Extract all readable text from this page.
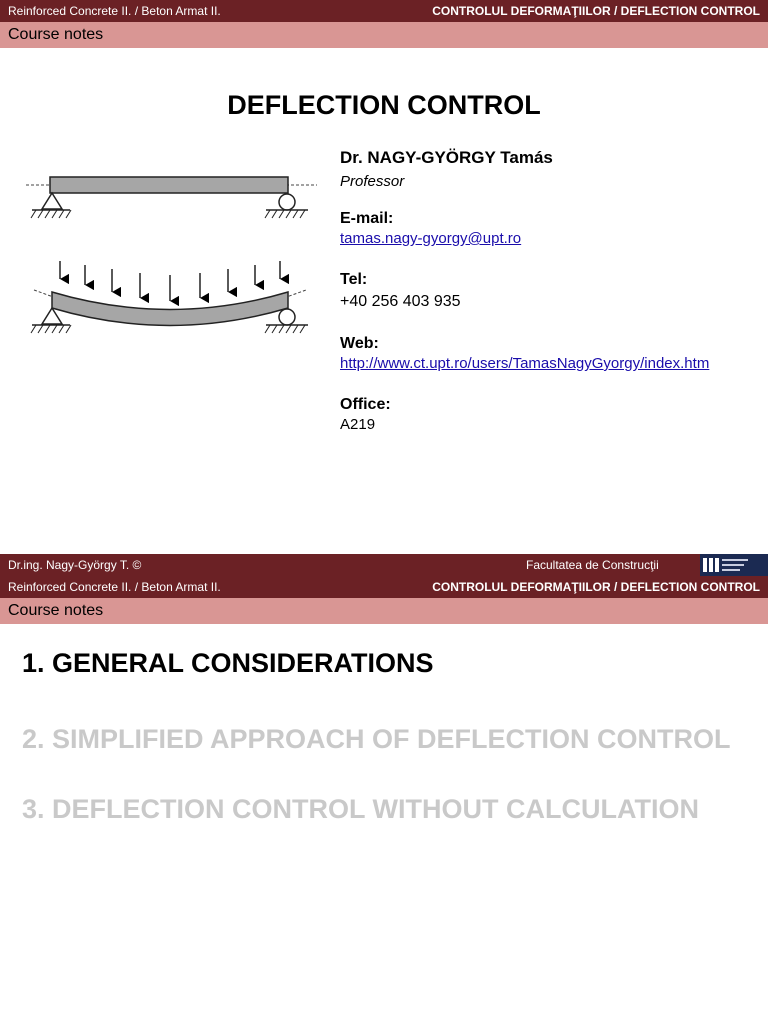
Reinforced Concrete II. / Beton Armat II.	CONTROLUL DEFORMAŢIILOR / DEFLECTION CONTROL
Course notes
DEFLECTION CONTROL
Dr. NAGY-GYÖRGY Tamás
Professor
E-mail:
tamas.nagy-gyorgy@upt.ro
Tel:
+40 256 403 935
Web:
http://www.ct.upt.ro/users/TamasNagyGyorgy/index.htm
Office:
A219
Dr.ing. Nagy-György T. ©	Facultatea de Construcţii
Reinforced Concrete II. / Beton Armat II.	CONTROLUL DEFORMAŢIILOR / DEFLECTION CONTROL
Course notes
1. GENERAL CONSIDERATIONS
2. SIMPLIFIED APPROACH OF DEFLECTION CONTROL
3. DEFLECTION CONTROL WITHOUT CALCULATION
